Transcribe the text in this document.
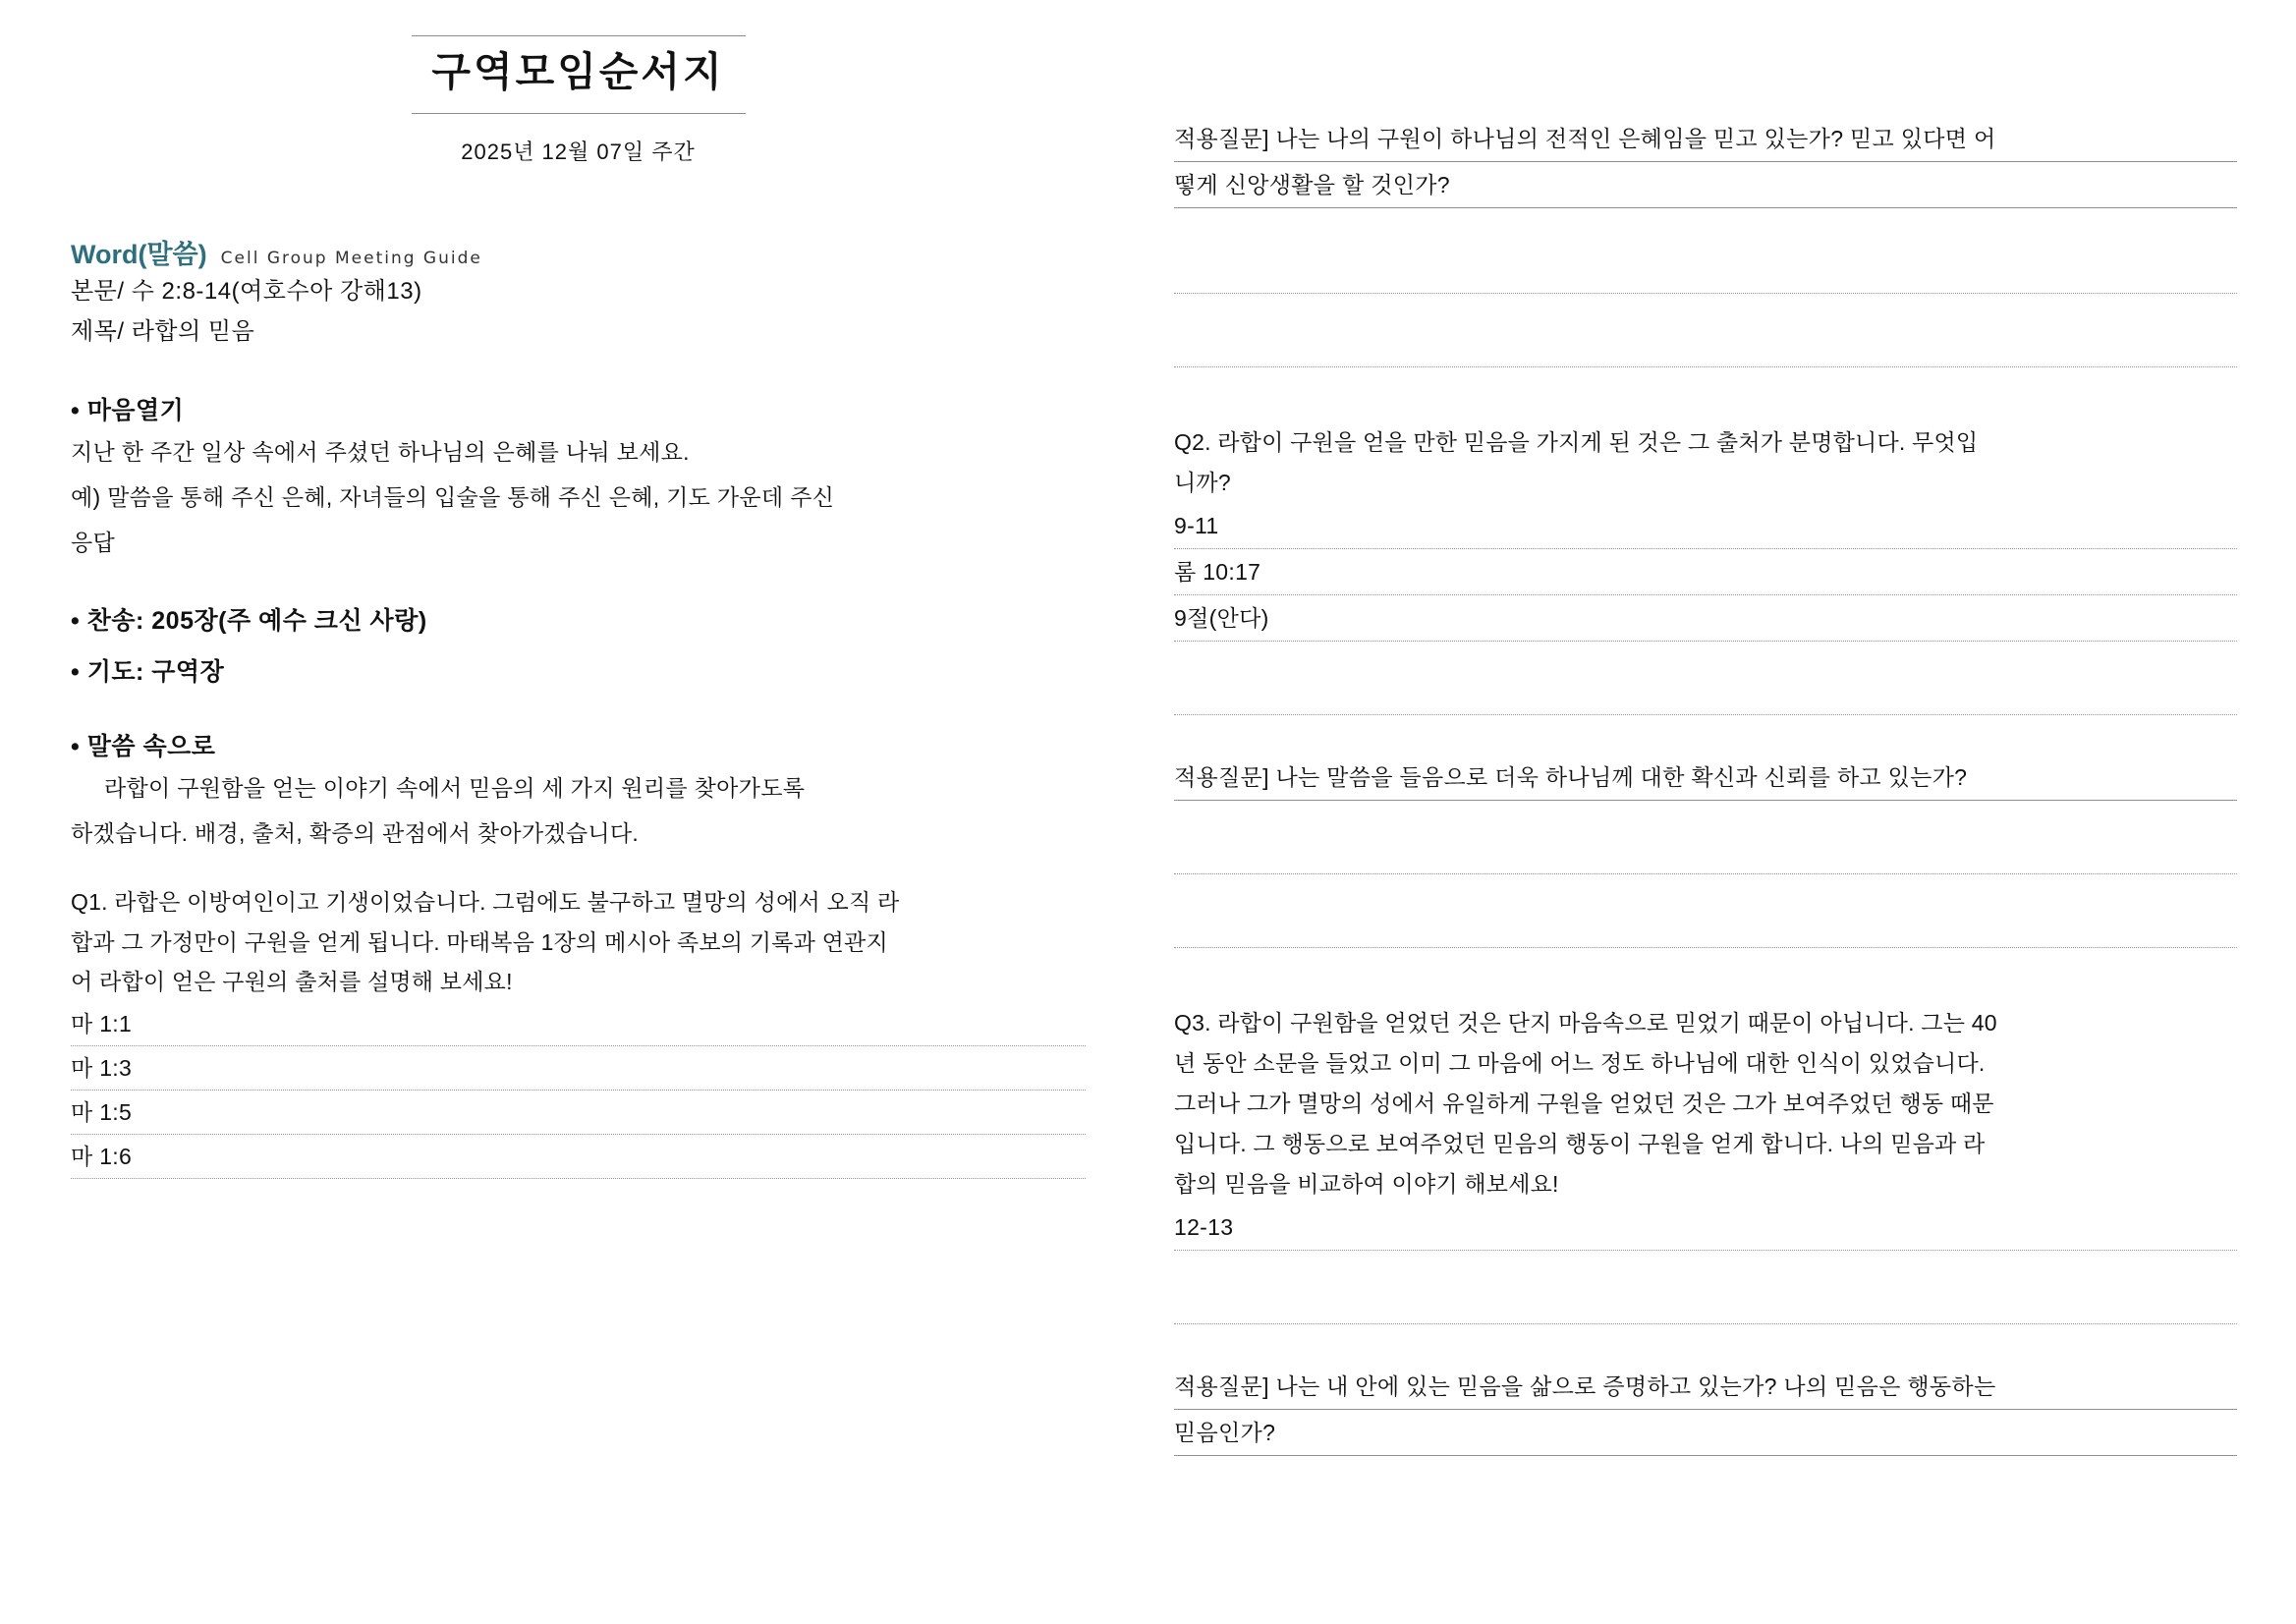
구역모임순서지
2025년 12월 07일 주간
Word(말씀) Cell Group Meeting Guide
본문/ 수 2:8-14(여호수아 강해13)
제목/ 라합의 믿음
• 마음열기
지난 한 주간 일상 속에서 주셨던 하나님의 은혜를 나눠 보세요.
예) 말씀을 통해 주신 은혜, 자녀들의 입술을 통해 주신 은혜, 기도 가운데 주신
응답
• 찬송: 205장(주 예수 크신 사랑)
• 기도: 구역장
• 말씀 속으로
라합이 구원함을 얻는 이야기 속에서 믿음의 세 가지 원리를 찾아가도록
하겠습니다. 배경, 출처, 확증의 관점에서 찾아가겠습니다.
Q1. 라합은 이방여인이고 기생이었습니다. 그럼에도 불구하고 멸망의 성에서 오직 라
합과 그 가정만이 구원을 얻게 됩니다. 마태복음 1장의 메시아 족보의 기록과 연관지
어 라합이 얻은 구원의 출처를 설명해 보세요!
마 1:1
마 1:3
마 1:5
마 1:6
적용질문] 나는 나의 구원이 하나님의 전적인 은혜임을 믿고 있는가? 믿고 있다면 어
떻게 신앙생활을 할 것인가?
Q2. 라합이 구원을 얻을 만한 믿음을 가지게 된 것은 그 출처가 분명합니다. 무엇입
니까?
9-11
롬 10:17
9절(안다)
적용질문] 나는 말씀을 들음으로 더욱 하나님께 대한 확신과 신뢰를 하고 있는가?
Q3. 라합이 구원함을 얻었던 것은 단지 마음속으로 믿었기 때문이 아닙니다. 그는 40
년 동안 소문을 들었고 이미 그 마음에 어느 정도 하나님에 대한 인식이 있었습니다.
그러나 그가 멸망의 성에서 유일하게 구원을 얻었던 것은 그가 보여주었던 행동 때문
입니다. 그 행동으로 보여주었던 믿음의 행동이 구원을 얻게 합니다. 나의 믿음과 라
합의 믿음을 비교하여 이야기 해보세요!
12-13
적용질문] 나는 내 안에 있는 믿음을 삶으로 증명하고 있는가? 나의 믿음은 행동하는
믿음인가?
